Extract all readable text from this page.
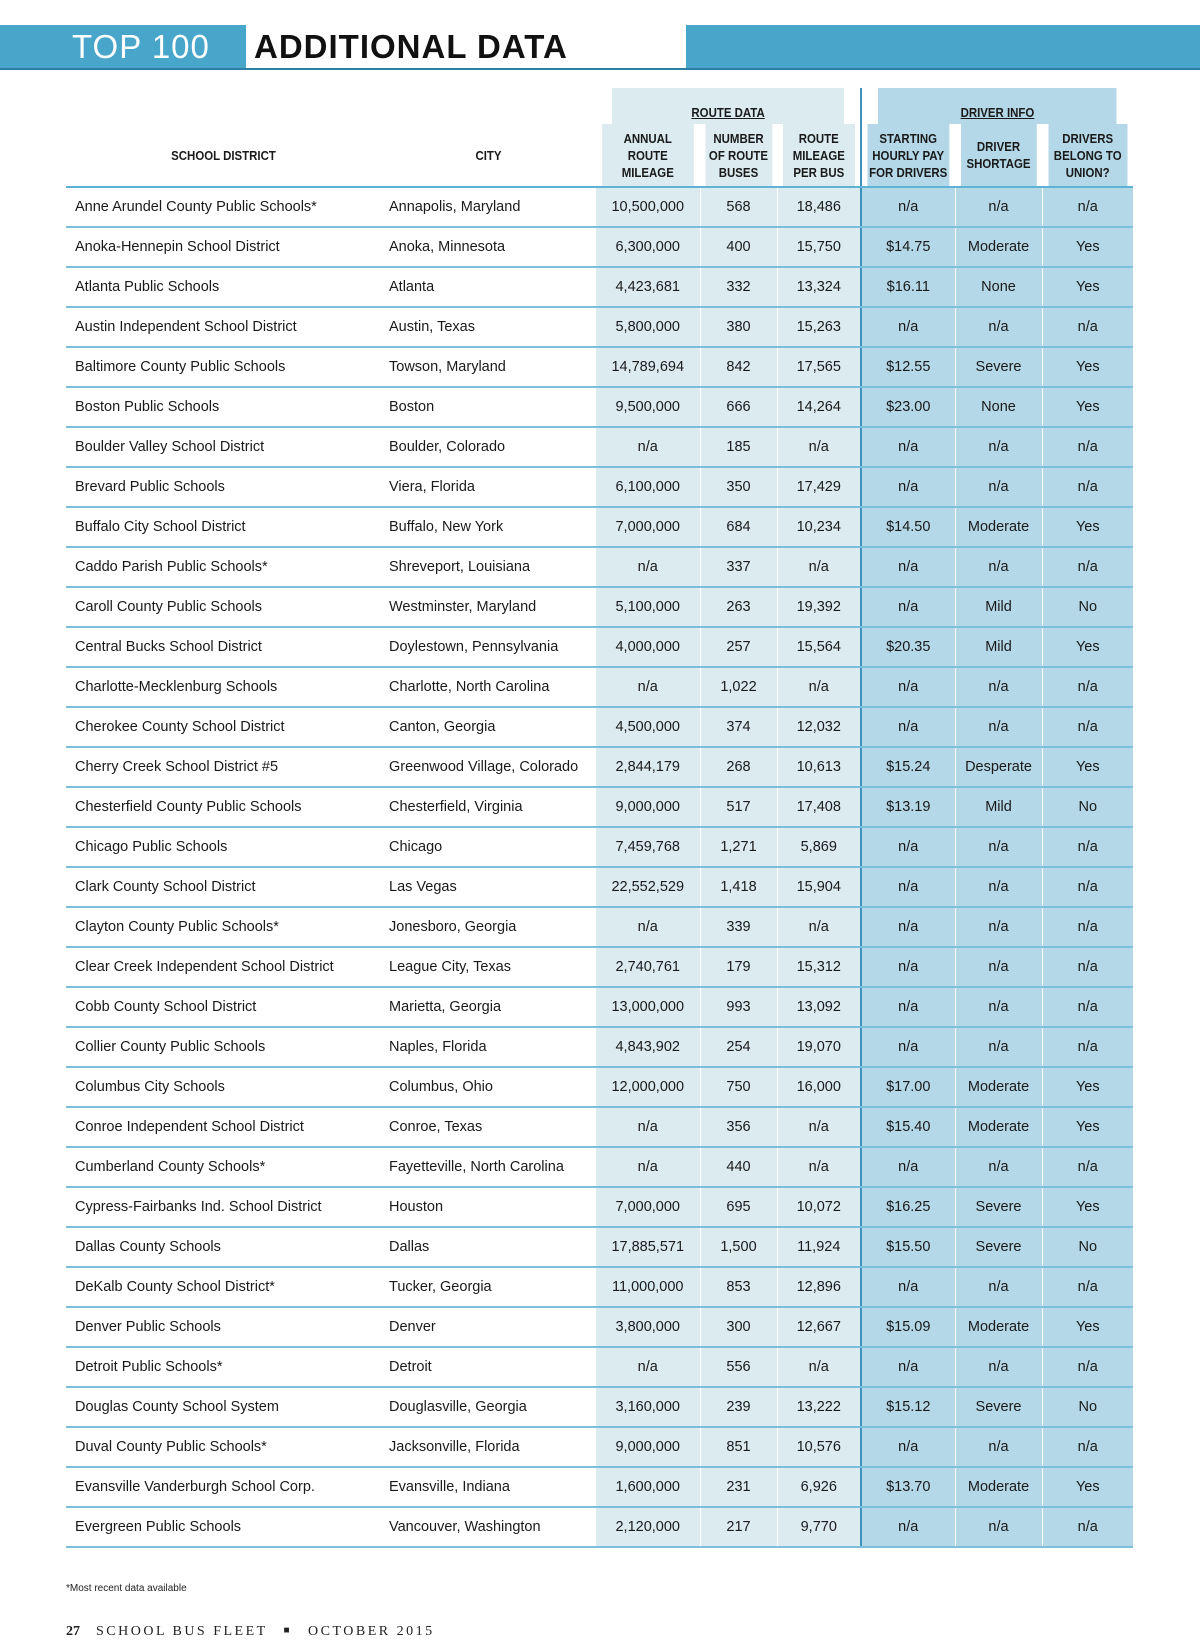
TOP 100 ADDITIONAL DATA
		ROUTE DATA			DRIVER INFO		
SCHOOL DISTRICT	CITY	ANNUAL ROUTE MILEAGE	NUMBER OF ROUTE BUSES	ROUTE MILEAGE PER BUS	STARTING HOURLY PAY FOR DRIVERS	DRIVER SHORTAGE	DRIVERS BELONG TO UNION?
Anne Arundel County Public Schools*	Annapolis, Maryland	10,500,000	568	18,486	n/a	n/a	n/a
Anoka-Hennepin School District	Anoka, Minnesota	6,300,000	400	15,750	$14.75	Moderate	Yes
Atlanta Public Schools	Atlanta	4,423,681	332	13,324	$16.11	None	Yes
Austin Independent School District	Austin, Texas	5,800,000	380	15,263	n/a	n/a	n/a
Baltimore County Public Schools	Towson, Maryland	14,789,694	842	17,565	$12.55	Severe	Yes
Boston Public Schools	Boston	9,500,000	666	14,264	$23.00	None	Yes
Boulder Valley School District	Boulder, Colorado	n/a	185	n/a	n/a	n/a	n/a
Brevard Public Schools	Viera, Florida	6,100,000	350	17,429	n/a	n/a	n/a
Buffalo City School District	Buffalo, New York	7,000,000	684	10,234	$14.50	Moderate	Yes
Caddo Parish Public Schools*	Shreveport, Louisiana	n/a	337	n/a	n/a	n/a	n/a
Caroll County Public Schools	Westminster, Maryland	5,100,000	263	19,392	n/a	Mild	No
Central Bucks School District	Doylestown, Pennsylvania	4,000,000	257	15,564	$20.35	Mild	Yes
Charlotte-Mecklenburg Schools	Charlotte, North Carolina	n/a	1,022	n/a	n/a	n/a	n/a
Cherokee County School District	Canton, Georgia	4,500,000	374	12,032	n/a	n/a	n/a
Cherry Creek School District #5	Greenwood Village, Colorado	2,844,179	268	10,613	$15.24	Desperate	Yes
Chesterfield County Public Schools	Chesterfield, Virginia	9,000,000	517	17,408	$13.19	Mild	No
Chicago Public Schools	Chicago	7,459,768	1,271	5,869	n/a	n/a	n/a
Clark County School District	Las Vegas	22,552,529	1,418	15,904	n/a	n/a	n/a
Clayton County Public Schools*	Jonesboro, Georgia	n/a	339	n/a	n/a	n/a	n/a
Clear Creek Independent School District	League City, Texas	2,740,761	179	15,312	n/a	n/a	n/a
Cobb County School District	Marietta, Georgia	13,000,000	993	13,092	n/a	n/a	n/a
Collier County Public Schools	Naples, Florida	4,843,902	254	19,070	n/a	n/a	n/a
Columbus City Schools	Columbus, Ohio	12,000,000	750	16,000	$17.00	Moderate	Yes
Conroe Independent School District	Conroe, Texas	n/a	356	n/a	$15.40	Moderate	Yes
Cumberland County Schools*	Fayetteville, North Carolina	n/a	440	n/a	n/a	n/a	n/a
Cypress-Fairbanks Ind. School District	Houston	7,000,000	695	10,072	$16.25	Severe	Yes
Dallas County Schools	Dallas	17,885,571	1,500	11,924	$15.50	Severe	No
DeKalb County School District*	Tucker, Georgia	11,000,000	853	12,896	n/a	n/a	n/a
Denver Public Schools	Denver	3,800,000	300	12,667	$15.09	Moderate	Yes
Detroit Public Schools*	Detroit	n/a	556	n/a	n/a	n/a	n/a
Douglas County School System	Douglasville, Georgia	3,160,000	239	13,222	$15.12	Severe	No
Duval County Public Schools*	Jacksonville, Florida	9,000,000	851	10,576	n/a	n/a	n/a
Evansville Vanderburgh School Corp.	Evansville, Indiana	1,600,000	231	6,926	$13.70	Moderate	Yes
Evergreen Public Schools	Vancouver, Washington	2,120,000	217	9,770	n/a	n/a	n/a
*Most recent data available
27 SCHOOL BUS FLEET ■ OCTOBER 2015
